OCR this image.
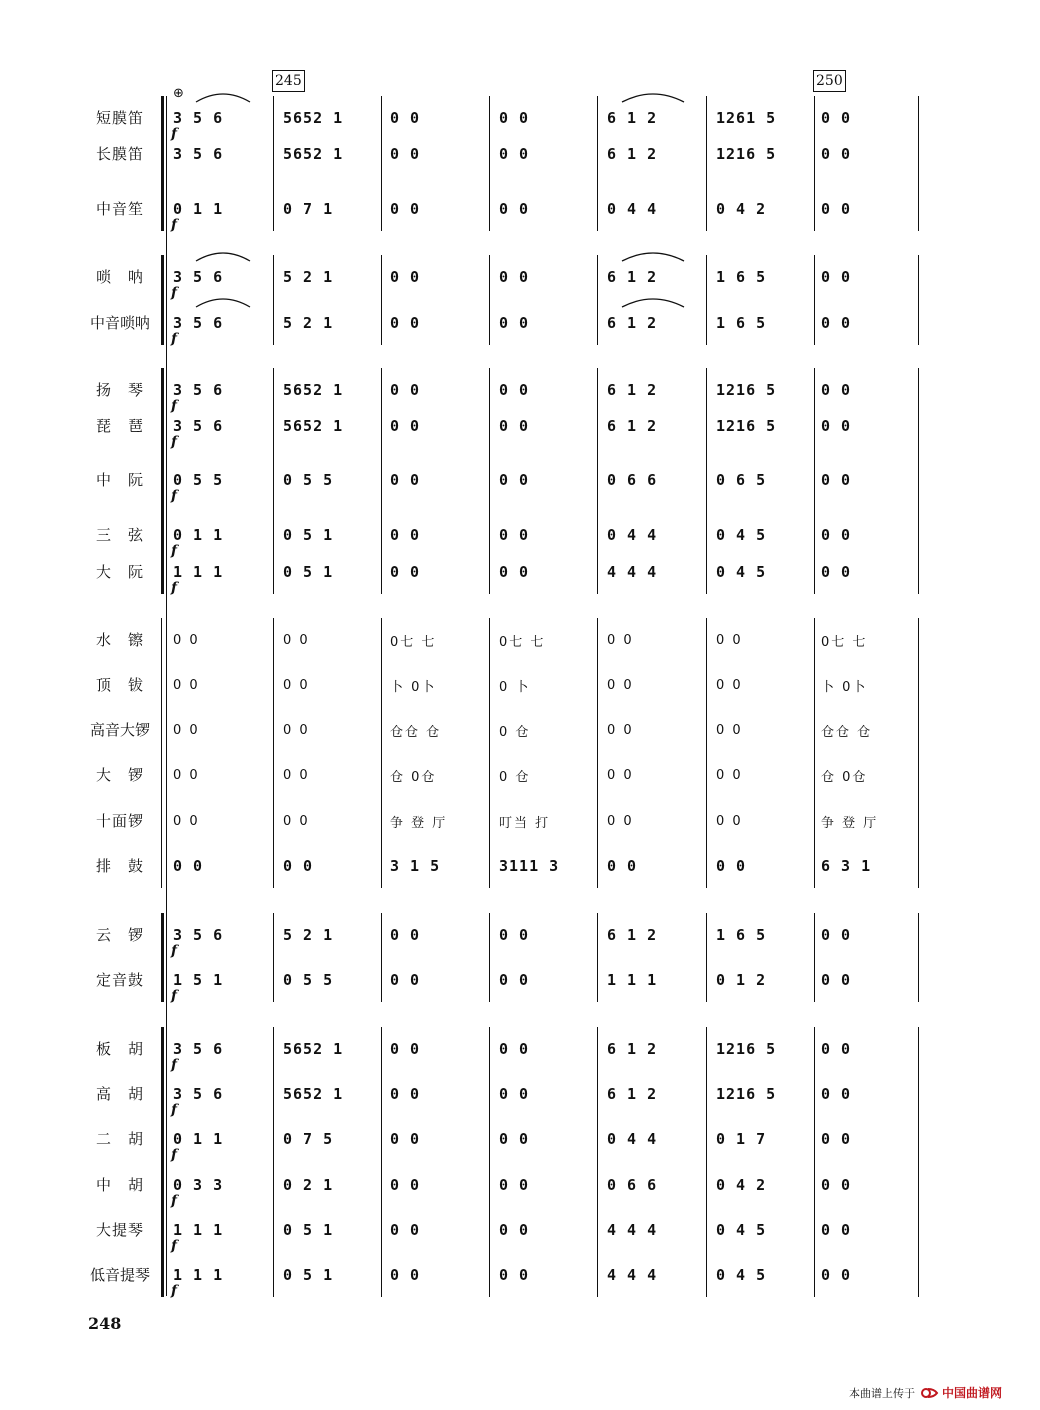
245	250
⊕
短膜笛	3 5 6	5652 1	0 0	0 0	6 1 2	1261 5	0 0
长膜笛	3 5 6	5652 1	0 0	0 0	6 1 2	1216 5	0 0
中音笙	0 1 1	0 7 1	0 0	0 0	0 4 4	0 4 2	0 0
唢　呐	3 5 6	5 2 1	0 0	0 0	6 1 2	1 6 5	0 0
中音唢呐	3 5 6	5 2 1	0 0	0 0	6 1 2	1 6 5	0 0
扬　琴	3 5 6	5652 1	0 0	0 0	6 1 2	1216 5	0 0
琵　琶	3 5 6	5652 1	0 0	0 0	6 1 2	1216 5	0 0
中　阮	0 5 5	0 5 5	0 0	0 0	0 6 6	0 6 5	0 0
三　弦	0 1 1	0 5 1	0 0	0 0	0 4 4	0 4 5	0 0
大　阮	1 1 1	0 5 1	0 0	0 0	4 4 4	0 4 5	0 0
水　镲	0 0	0 0	0七 七	0七 七	0 0	0 0	0七 七
顶　钹	0 0	0 0	卜 0卜	0 卜	0 0	0 0	卜 0卜
高音大锣	0 0	0 0	仓仓 仓	0 仓	0 0	0 0	仓仓 仓
大　锣	0 0	0 0	仓 0仓	0 仓	0 0	0 0	仓 0仓
十面锣	0 0	0 0	争 登 厅	叮当 打	0 0	0 0	争 登 厅
排　鼓	0 0	0 0	3 1 5	3111 3	0 0	0 0	6 3 1
云　锣	3 5 6	5 2 1	0 0	0 0	6 1 2	1 6 5	0 0
定音鼓	1 5 1	0 5 5	0 0	0 0	1 1 1	0 1 2	0 0
板　胡	3 5 6	5652 1	0 0	0 0	6 1 2	1216 5	0 0
高　胡	3 5 6	5652 1	0 0	0 0	6 1 2	1216 5	0 0
二　胡	0 1 1	0 7 5	0 0	0 0	0 4 4	0 1 7	0 0
中　胡	0 3 3	0 2 1	0 0	0 0	0 6 6	0 4 2	0 0
大提琴	1 1 1	0 5 1	0 0	0 0	4 4 4	0 4 5	0 0
低音提琴	1 1 1	0 5 1	0 0	0 0	4 4 4	0 4 5	0 0
f
f
f
f
f
f
f
f
f
f
f
f
f
f
f
f
f
248
本曲谱上传于 中国曲谱网
